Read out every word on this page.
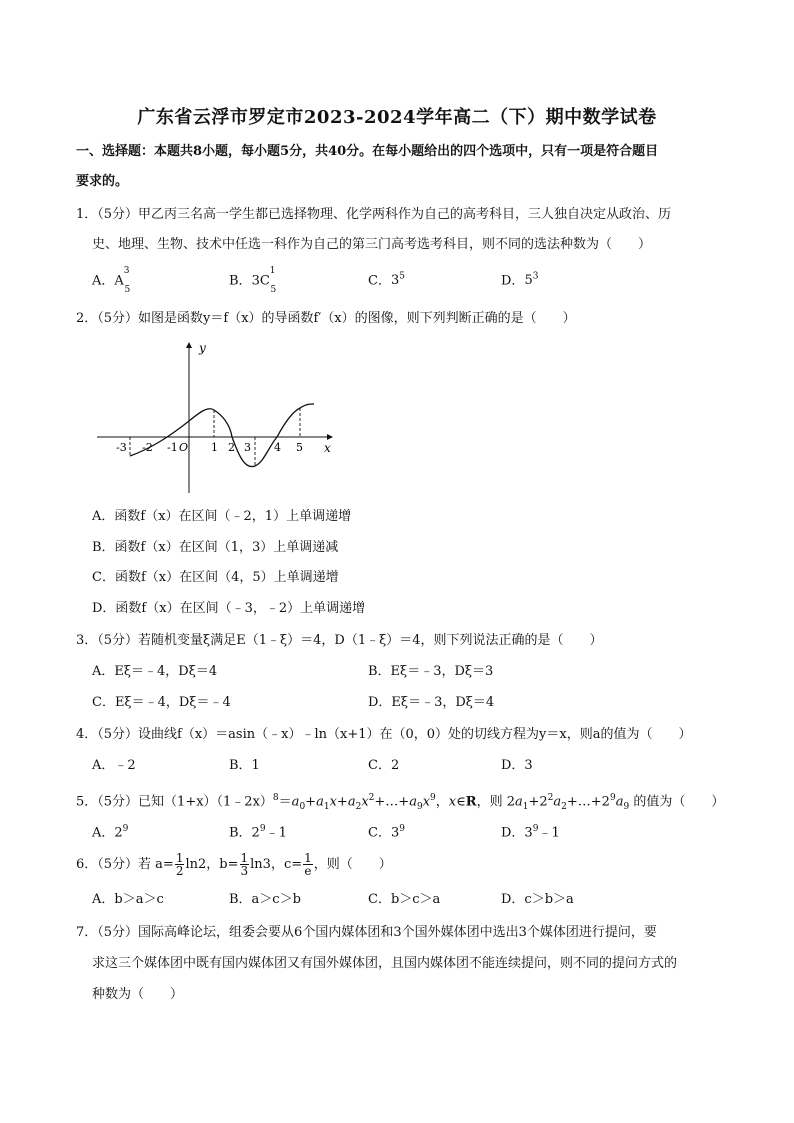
广东省云浮市罗定市2023-2024学年高二（下）期中数学试卷
一、选择题：本题共8小题，每小题5分，共40分。在每小题给出的四个选项中，只有一项是符合题目
要求的。
1．（5分）甲乙丙三名高一学生都已选择物理、化学两科作为自己的高考科目，三人独自决定从政治、历
史、地理、生物、技术中任选一科作为自己的第三门高考选考科目，则不同的选法种数为（　　）
A．$A^3_5$
B．$3C^1_5$
C．$3^5$	D．$5^3$
2．（5分）如图是函数y＝f（x）的导函数f′（x）的图像，则下列判断正确的是（　　）
y
x
O
-3 -2 -1	1 2 3 4 5
A．函数f（x）在区间（﹣2，1）上单调递增
B．函数f（x）在区间（1，3）上单调递减
C．函数f（x）在区间（4，5）上单调递增
D．函数f（x）在区间（﹣3，﹣2）上单调递增
3．（5分）若随机变量ξ满足E（1﹣ξ）＝4，D（1﹣ξ）＝4，则下列说法正确的是（　　）
A．Eξ＝﹣4，Dξ＝4	B．Eξ＝﹣3，Dξ＝3
C．Eξ＝﹣4，Dξ＝﹣4	D．Eξ＝﹣3，Dξ＝4
4．（5分）设曲线f（x）＝asin（﹣x）﹣ln（x+1）在（0，0）处的切线方程为y＝x，则a的值为（　　）
A．﹣2	B．1	C．2	D．3
5．（5分）已知$(1+x)(1﹣2x)^8=a_0+a_1x+a_2x^2+\dots+a_9x^9$，x∈R，则 $2a_1+2^2a_2+\dots+2^9a_9$ 的值为（　　）
A．$2^9$	B．$2^9﹣1$	C．$3^9$	D．$3^9﹣1$
6．（5分）若 $a= \frac{1}{2} \ln 2$，$b= \frac{1}{3} \ln 3$，$c= \frac{1}{e}$ ，则（　　）
A．b＞a＞c	B．a＞c＞b	C．b＞c＞a	D．c＞b＞a
7．（5分）国际高峰论坛，组委会要从6个国内媒体团和3个国外媒体团中选出3个媒体团进行提问，要
求这三个媒体团中既有国内媒体团又有国外媒体团，且国内媒体团不能连续提问，则不同的提问方式的
种数为（　　）
